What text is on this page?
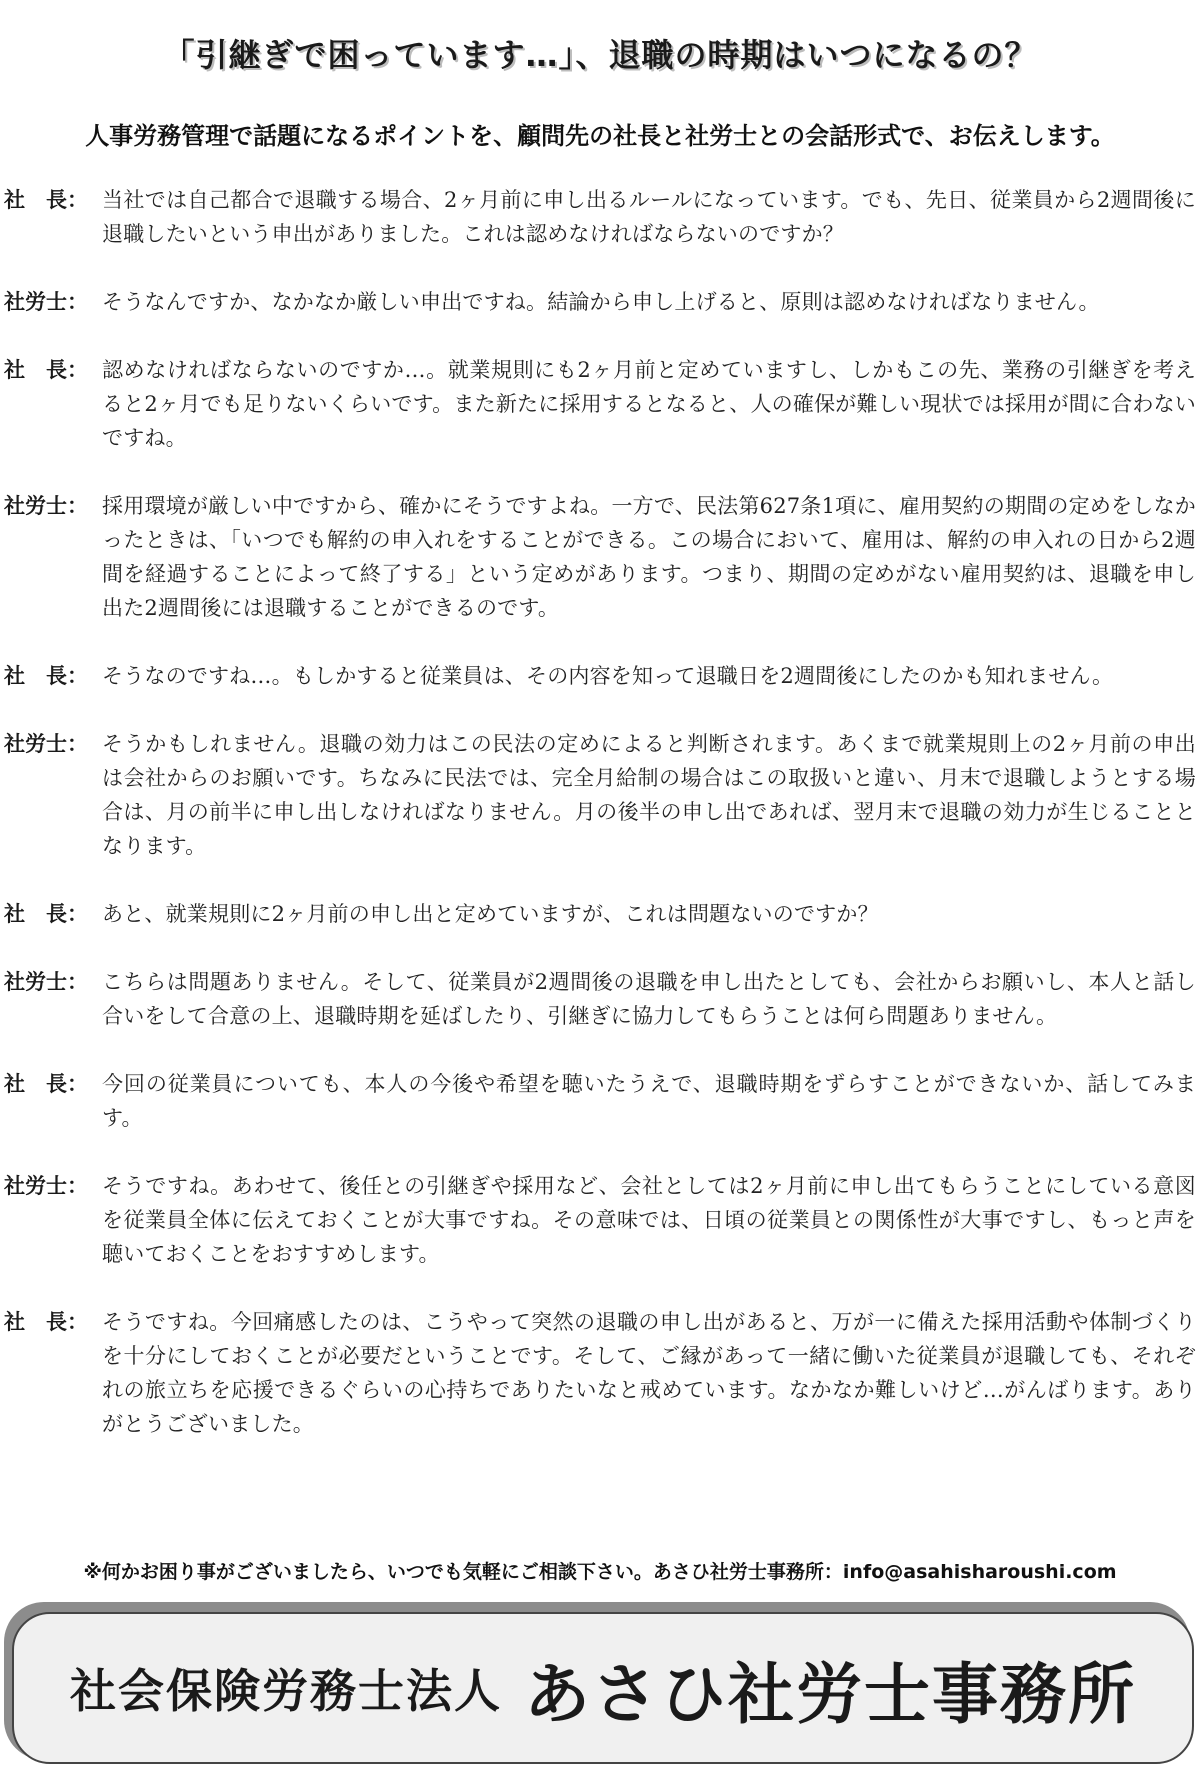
「引継ぎで困っています…」、退職の時期はいつになるの？
人事労務管理で話題になるポイントを、顧問先の社長と社労士との会話形式で、お伝えします。
社　長： 当社では自己都合で退職する場合、2ヶ月前に申し出るルールになっています。でも、先日、従業員から2週間後に退職したいという申出がありました。これは認めなければならないのですか？
社労士： そうなんですか、なかなか厳しい申出ですね。結論から申し上げると、原則は認めなければなりません。
社　長： 認めなければならないのですか…。就業規則にも2ヶ月前と定めていますし、しかもこの先、業務の引継ぎを考えると2ヶ月でも足りないくらいです。また新たに採用するとなると、人の確保が難しい現状では採用が間に合わないですね。
社労士： 採用環境が厳しい中ですから、確かにそうですよね。一方で、民法第627条1項に、雇用契約の期間の定めをしなかったときは、「いつでも解約の申入れをすることができる。この場合において、雇用は、解約の申入れの日から2週間を経過することによって終了する」という定めがあります。つまり、期間の定めがない雇用契約は、退職を申し出た2週間後には退職することができるのです。
社　長： そうなのですね…。もしかすると従業員は、その内容を知って退職日を2週間後にしたのかも知れません。
社労士： そうかもしれません。退職の効力はこの民法の定めによると判断されます。あくまで就業規則上の2ヶ月前の申出は会社からのお願いです。ちなみに民法では、完全月給制の場合はこの取扱いと違い、月末で退職しようとする場合は、月の前半に申し出しなければなりません。月の後半の申し出であれば、翌月末で退職の効力が生じることとなります。
社　長： あと、就業規則に2ヶ月前の申し出と定めていますが、これは問題ないのですか？
社労士： こちらは問題ありません。そして、従業員が2週間後の退職を申し出たとしても、会社からお願いし、本人と話し合いをして合意の上、退職時期を延ばしたり、引継ぎに協力してもらうことは何ら問題ありません。
社　長： 今回の従業員についても、本人の今後や希望を聴いたうえで、退職時期をずらすことができないか、話してみます。
社労士： そうですね。あわせて、後任との引継ぎや採用など、会社としては2ヶ月前に申し出てもらうことにしている意図を従業員全体に伝えておくことが大事ですね。その意味では、日頃の従業員との関係性が大事ですし、もっと声を聴いておくことをおすすめします。
社　長： そうですね。今回痛感したのは、こうやって突然の退職の申し出があると、万が一に備えた採用活動や体制づくりを十分にしておくことが必要だということです。そして、ご縁があって一緒に働いた従業員が退職しても、それぞれの旅立ちを応援できるぐらいの心持ちでありたいなと戒めています。なかなか難しいけど…がんばります。ありがとうございました。
※何かお困り事がございましたら、いつでも気軽にご相談下さい。あさひ社労士事務所：info@asahisharoushi.com
社会保険労務士法人 あさひ社労士事務所
